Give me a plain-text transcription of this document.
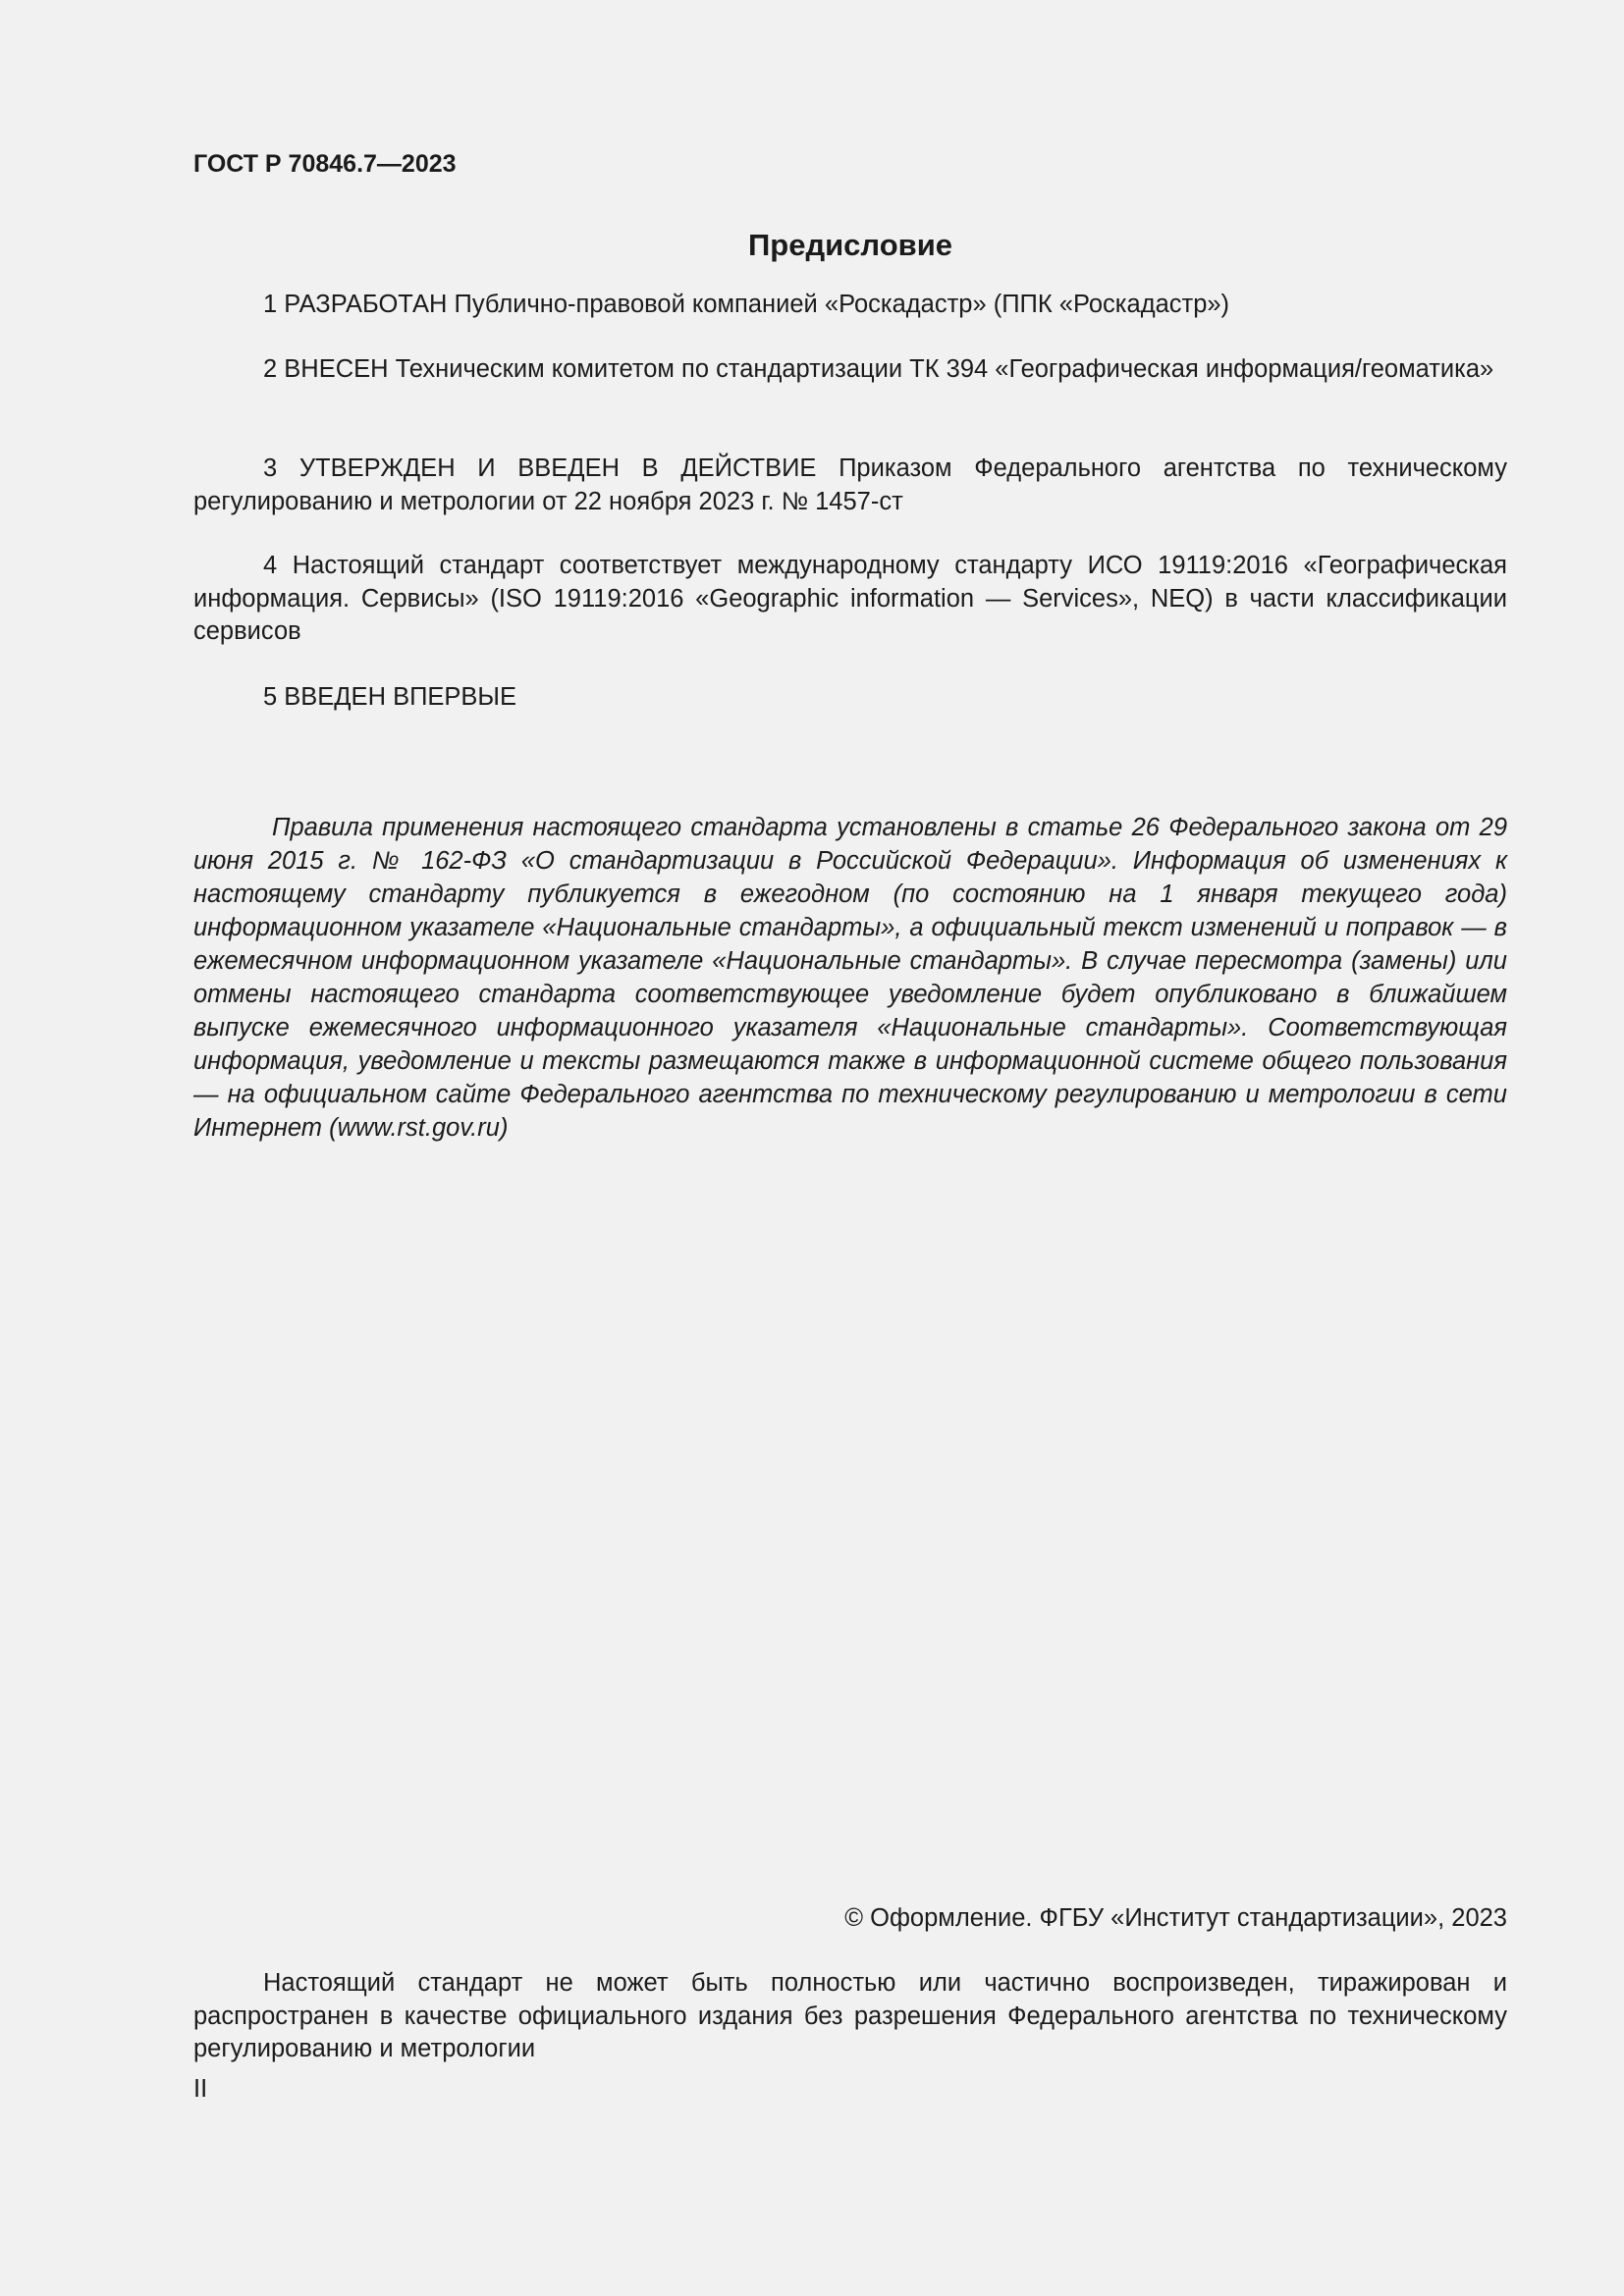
ГОСТ Р 70846.7—2023

Предисловие

1 РАЗРАБОТАН Публично-правовой компанией «Роскадастр» (ППК «Роскадастр»)

2 ВНЕСЕН Техническим комитетом по стандартизации ТК 394 «Географическая информация/геоматика»

3 УТВЕРЖДЕН И ВВЕДЕН В ДЕЙСТВИЕ Приказом Федерального агентства по техническому регулированию и метрологии от 22 ноября 2023 г. № 1457-ст

4 Настоящий стандарт соответствует международному стандарту ИСО 19119:2016 «Географическая информация. Сервисы» (ISO 19119:2016 «Geographic information — Services», NEQ) в части классификации сервисов

5 ВВЕДЕН ВПЕРВЫЕ

Правила применения настоящего стандарта установлены в статье 26 Федерального закона от 29 июня 2015 г. № 162-ФЗ «О стандартизации в Российской Федерации». Информация об изменениях к настоящему стандарту публикуется в ежегодном (по состоянию на 1 января текущего года) информационном указателе «Национальные стандарты», а официальный текст изменений и поправок — в ежемесячном информационном указателе «Национальные стандарты». В случае пересмотра (замены) или отмены настоящего стандарта соответствующее уведомление будет опубликовано в ближайшем выпуске ежемесячного информационного указателя «Национальные стандарты». Соответствующая информация, уведомление и тексты размещаются также в информационной системе общего пользования — на официальном сайте Федерального агентства по техническому регулированию и метрологии в сети Интернет (www.rst.gov.ru)

© Оформление. ФГБУ «Институт стандартизации», 2023

Настоящий стандарт не может быть полностью или частично воспроизведен, тиражирован и распространен в качестве официального издания без разрешения Федерального агентства по техническому регулированию и метрологии

II
